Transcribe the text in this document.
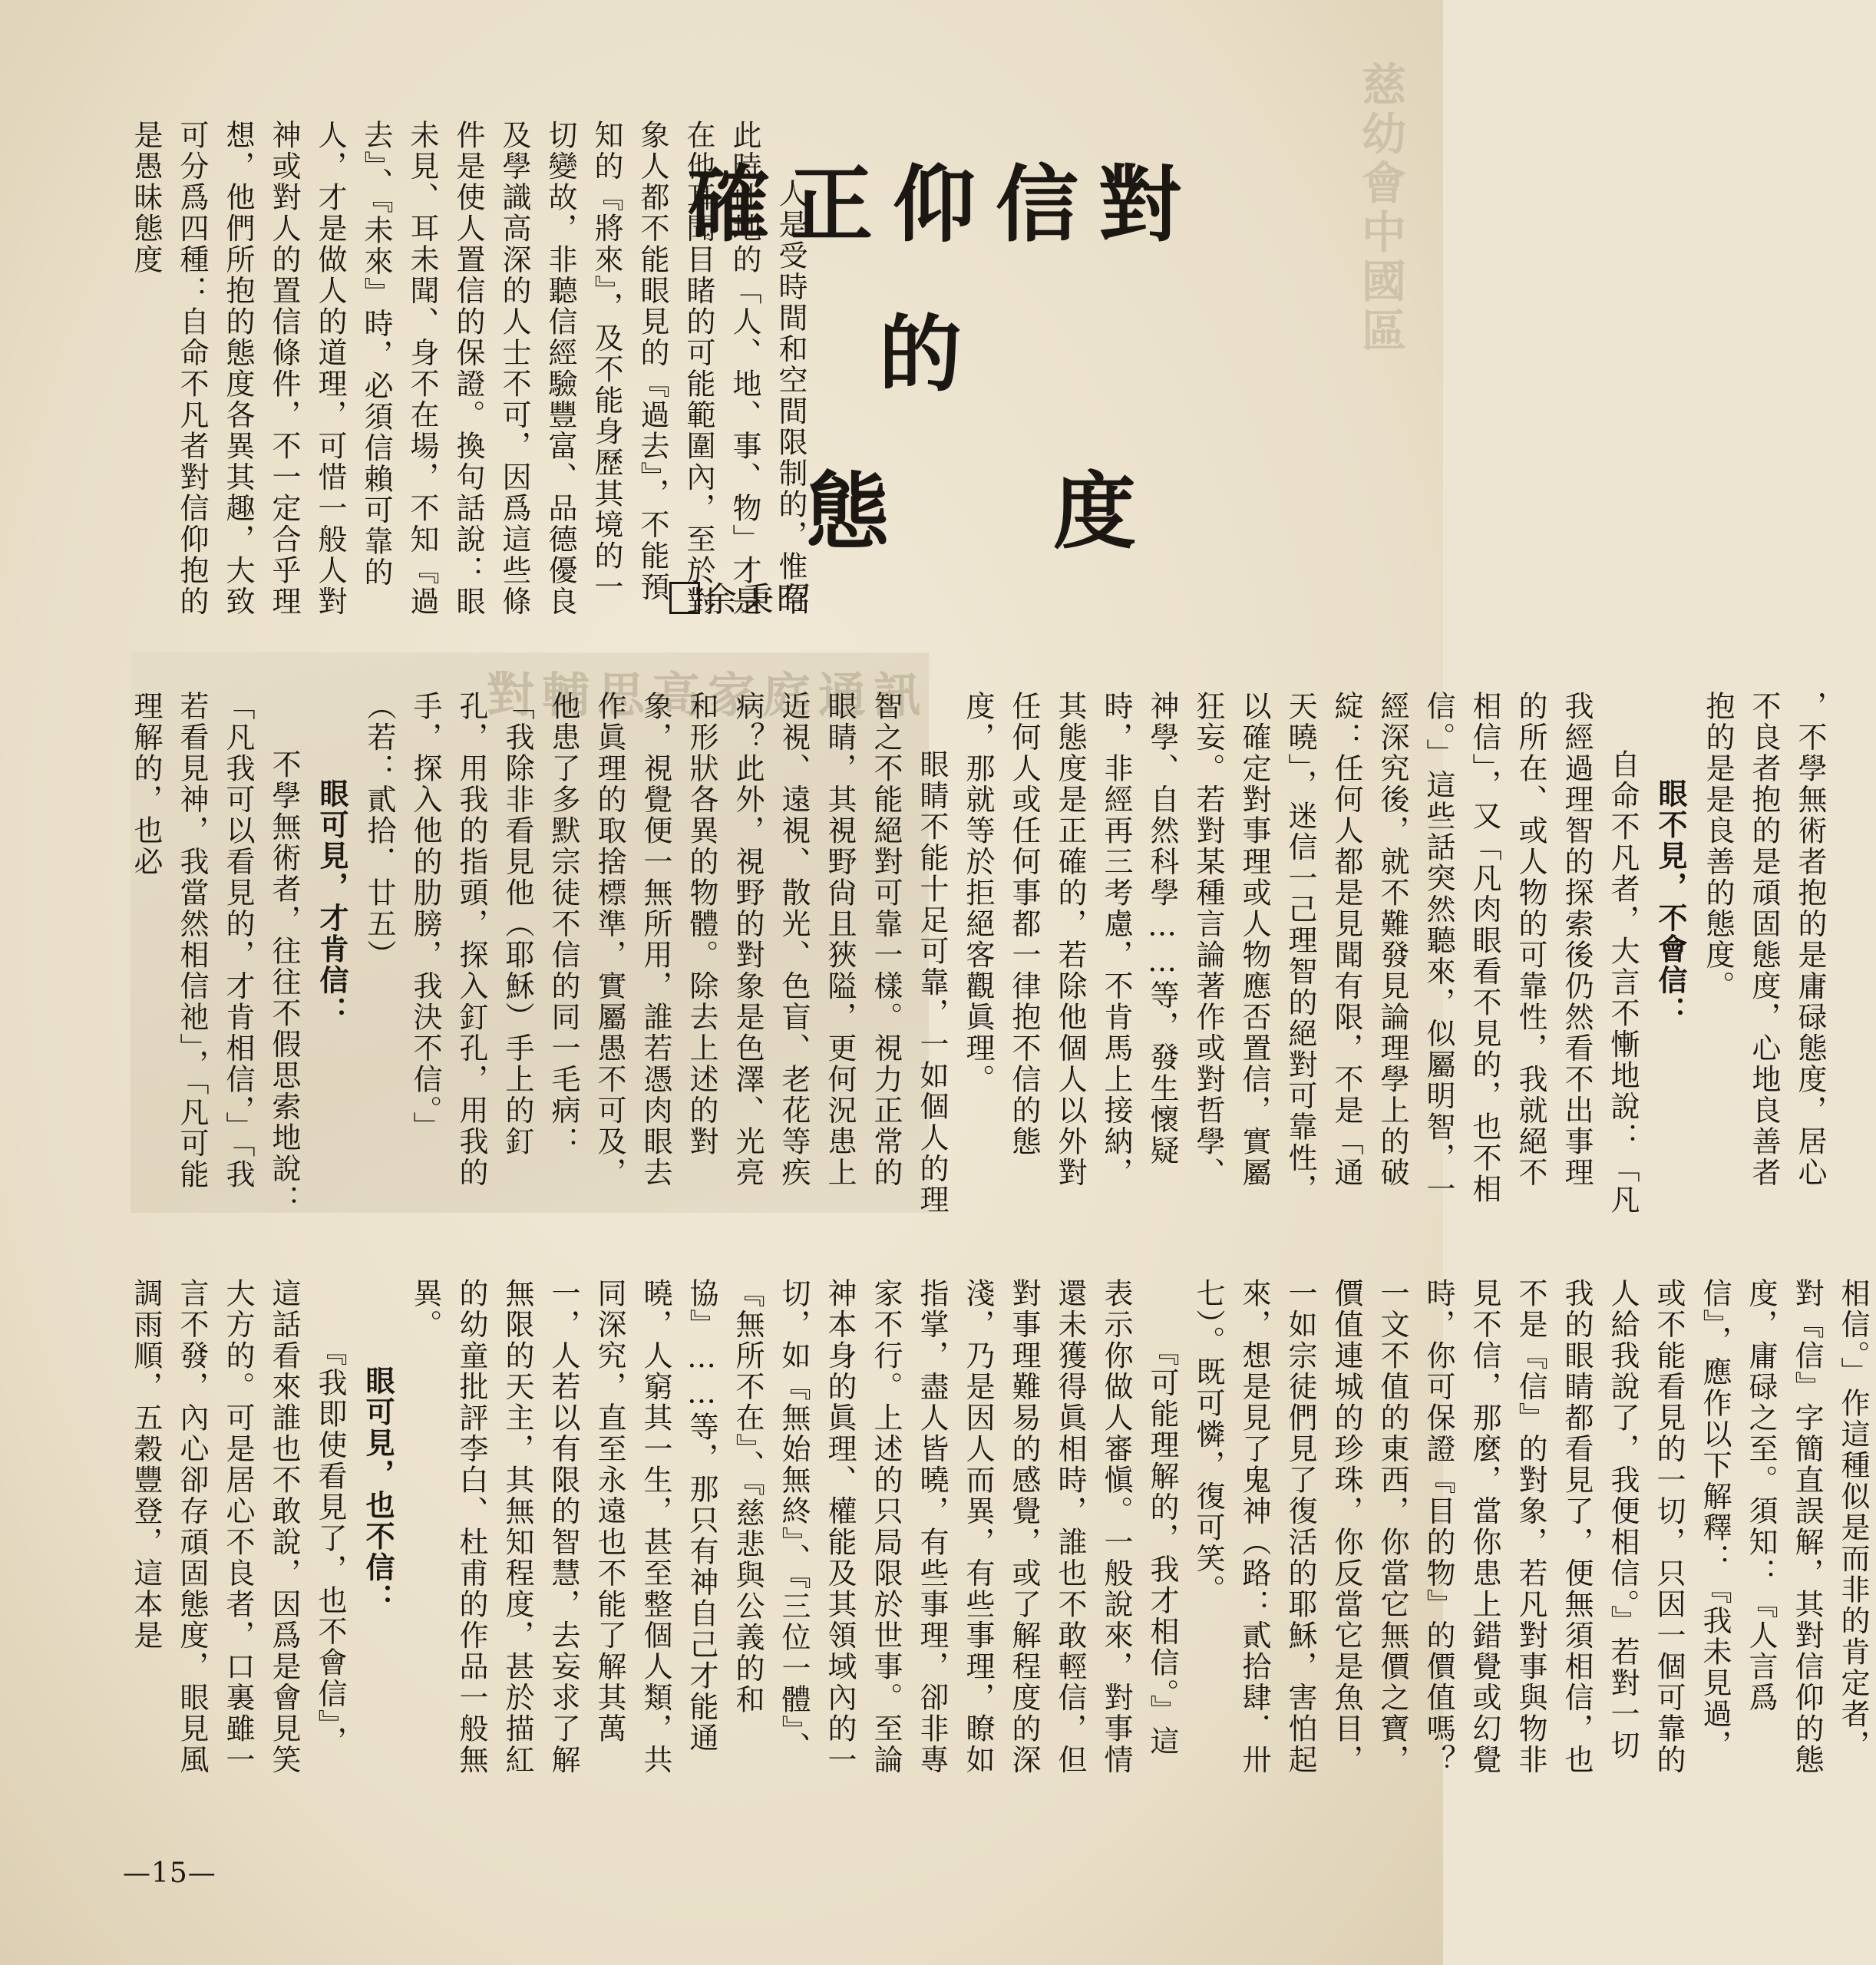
慈幼會中國區
對輔思高家庭通訊
確正仰信對
的
態 度
余秉昭

人是受時間和空間限制的，惟有此時此地的「人、地、事、物」才是在他耳聞目睹的可能範圍內，至於對象人都不能眼見的『過去』，不能預知的『將來』，及不能身歷其境的一切變故，非聽信經驗豐富、品德優良及學識高深的人士不可，因爲這些條件是使人置信的保證。換句話說：眼未見、耳未聞、身不在場，不知『過去』、『未來』時，必須信賴可靠的人，才是做人的道理，可惜一般人對神或對人的置信條件，不一定合乎理想，他們所抱的態度各異其趣，大致可分爲四種：自命不凡者對信仰抱的是愚昧態度

，不學無術者抱的是庸碌態度，居心不良者抱的是頑固態度，心地良善者抱的是是良善的態度。

眼不見，不會信：

自命不凡者，大言不慚地說：「凡我經過理智的探索後仍然看不出事理的所在、或人物的可靠性，我就絕不相信」，又「凡肉眼看不見的，也不相信。」這些話突然聽來，似屬明智，一經深究後，就不難發見論理學上的破綻：任何人都是見聞有限，不是「通天曉」，迷信一己理智的絕對可靠性，以確定對事理或人物應否置信，實屬狂妄。若對某種言論著作或對哲學、神學、自然科學……等，發生懷疑時，非經再三考慮，不肯馬上接納，其態度是正確的，若除他個人以外對任何人或任何事都一律抱不信的態度，那就等於拒絕客觀眞理。

眼睛不能十足可靠，一如個人的理智之不能絕對可靠一樣。視力正常的眼睛，其視野尙且狹隘，更何況患上近視、遠視、散光、色盲、老花等疾病？此外，視野的對象是色澤、光亮和形狀各異的物體。除去上述的對象，視覺便一無所用，誰若憑肉眼去作眞理的取捨標準，實屬愚不可及，他患了多默宗徒不信的同一毛病：「我除非看見他（耶穌）手上的釘孔，用我的指頭，探入釘孔，用我的手，探入他的肋膀，我決不信。」（若：貳拾．廿五）

眼可見，才肯信：

不學無術者，往往不假思索地說：「凡我可以看見的，才肯相信，」「我若看見神，我當然相信祂」，「凡可能理解的，也必

相信。」作這種似是而非的肯定者，對『信』字簡直誤解，其對信仰的態度，庸碌之至。須知：『人言爲信』，應作以下解釋：『我未見過，或不能看見的一切，只因一個可靠的人給我說了，我便相信。』若對一切我的眼睛都看見了，便無須相信，也不是『信』的對象，若凡對事與物非見不信，那麼，當你患上錯覺或幻覺時，你可保證『目的物』的價值嗎？一文不值的東西，你當它無價之寶，價值連城的珍珠，你反當它是魚目，一如宗徒們見了復活的耶穌，害怕起來，想是見了鬼神（路：貳拾肆．卅七）。既可憐，復可笑。

『可能理解的，我才相信。』這表示你做人審愼。一般說來，對事情還未獲得眞相時，誰也不敢輕信，但對事理難易的感覺，或了解程度的深淺，乃是因人而異，有些事理，瞭如指掌，盡人皆曉，有些事理，卻非專家不行。上述的只局限於世事。至論神本身的眞理、權能及其領域內的一切，如『無始無終』、『三位一體』、『無所不在』、『慈悲與公義的和協』……等，那只有神自己才能通曉，人窮其一生，甚至整個人類，共同深究，直至永遠也不能了解其萬一，人若以有限的智慧，去妄求了解無限的天主，其無知程度，甚於描紅的幼童批評李白、杜甫的作品一般無異。

眼可見，也不信：

『我即使看見了，也不會信』，這話看來誰也不敢說，因爲是會見笑大方的。可是居心不良者，口裏雖一言不發，內心卻存頑固態度，眼見風調雨順，五穀豐登，這本是

—15—
